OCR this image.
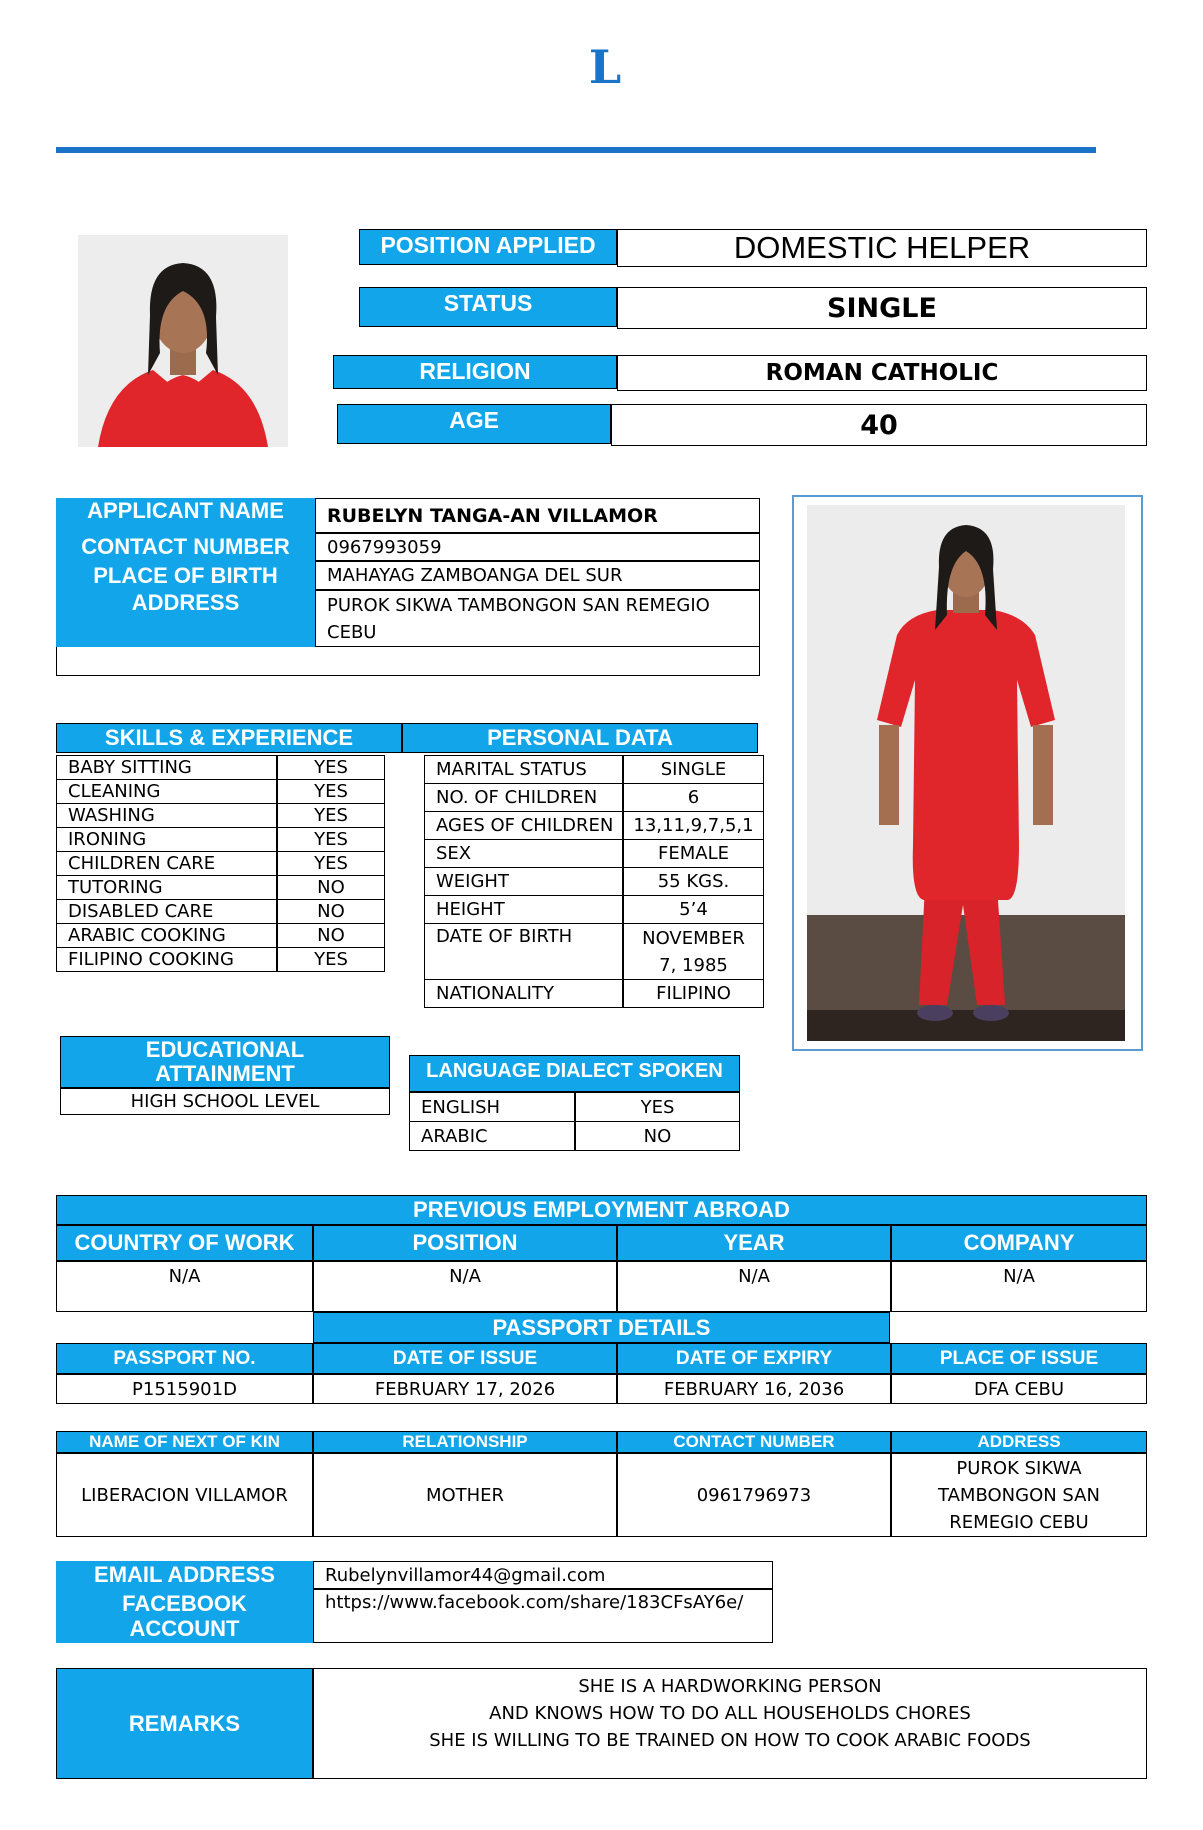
L
POSITION APPLIED	DOMESTIC HELPER
STATUS	SINGLE
RELIGION	ROMAN CATHOLIC
AGE	40
APPLICANT NAME	RUBELYN TANGA-AN VILLAMOR
CONTACT NUMBER	0967993059
PLACE OF BIRTH	MAHAYAG ZAMBOANGA DEL SUR
ADDRESS	PUROK SIKWA TAMBONGON SAN REMEGIO
CEBU
SKILLS & EXPERIENCE	PERSONAL DATA
BABY SITTING	YES
CLEANING	YES
WASHING	YES
IRONING	YES
CHILDREN CARE	YES
TUTORING	NO
DISABLED CARE	NO
ARABIC COOKING	NO
FILIPINO COOKING	YES
MARITAL STATUS	SINGLE
NO. OF CHILDREN	6
AGES OF CHILDREN	13,11,9,7,5,1
SEX	FEMALE
WEIGHT	55 KGS.
HEIGHT	5’4
DATE OF BIRTH	NOVEMBER
7, 1985
NATIONALITY	FILIPINO
EDUCATIONAL
ATTAINMENT
HIGH SCHOOL LEVEL
LANGUAGE DIALECT SPOKEN
ENGLISH	YES
ARABIC	NO
PREVIOUS EMPLOYMENT ABROAD
COUNTRY OF WORK	POSITION	YEAR	COMPANY
N/A	N/A	N/A	N/A
PASSPORT DETAILS
PASSPORT NO.	DATE OF ISSUE	DATE OF EXPIRY	PLACE OF ISSUE
P1515901D	FEBRUARY 17, 2026	FEBRUARY 16, 2036	DFA CEBU
NAME OF NEXT OF KIN	RELATIONSHIP	CONTACT NUMBER	ADDRESS
LIBERACION VILLAMOR	MOTHER	0961796973
PUROK SIKWA
TAMBONGON SAN
REMEGIO CEBU
EMAIL ADDRESS	Rubelynvillamor44@gmail.com
FACEBOOK
ACCOUNT
https://www.facebook.com/share/183CFsAY6e/
REMARKS
SHE IS A HARDWORKING PERSON
AND KNOWS HOW TO DO ALL HOUSEHOLDS CHORES
SHE IS WILLING TO BE TRAINED ON HOW TO COOK ARABIC FOODS
